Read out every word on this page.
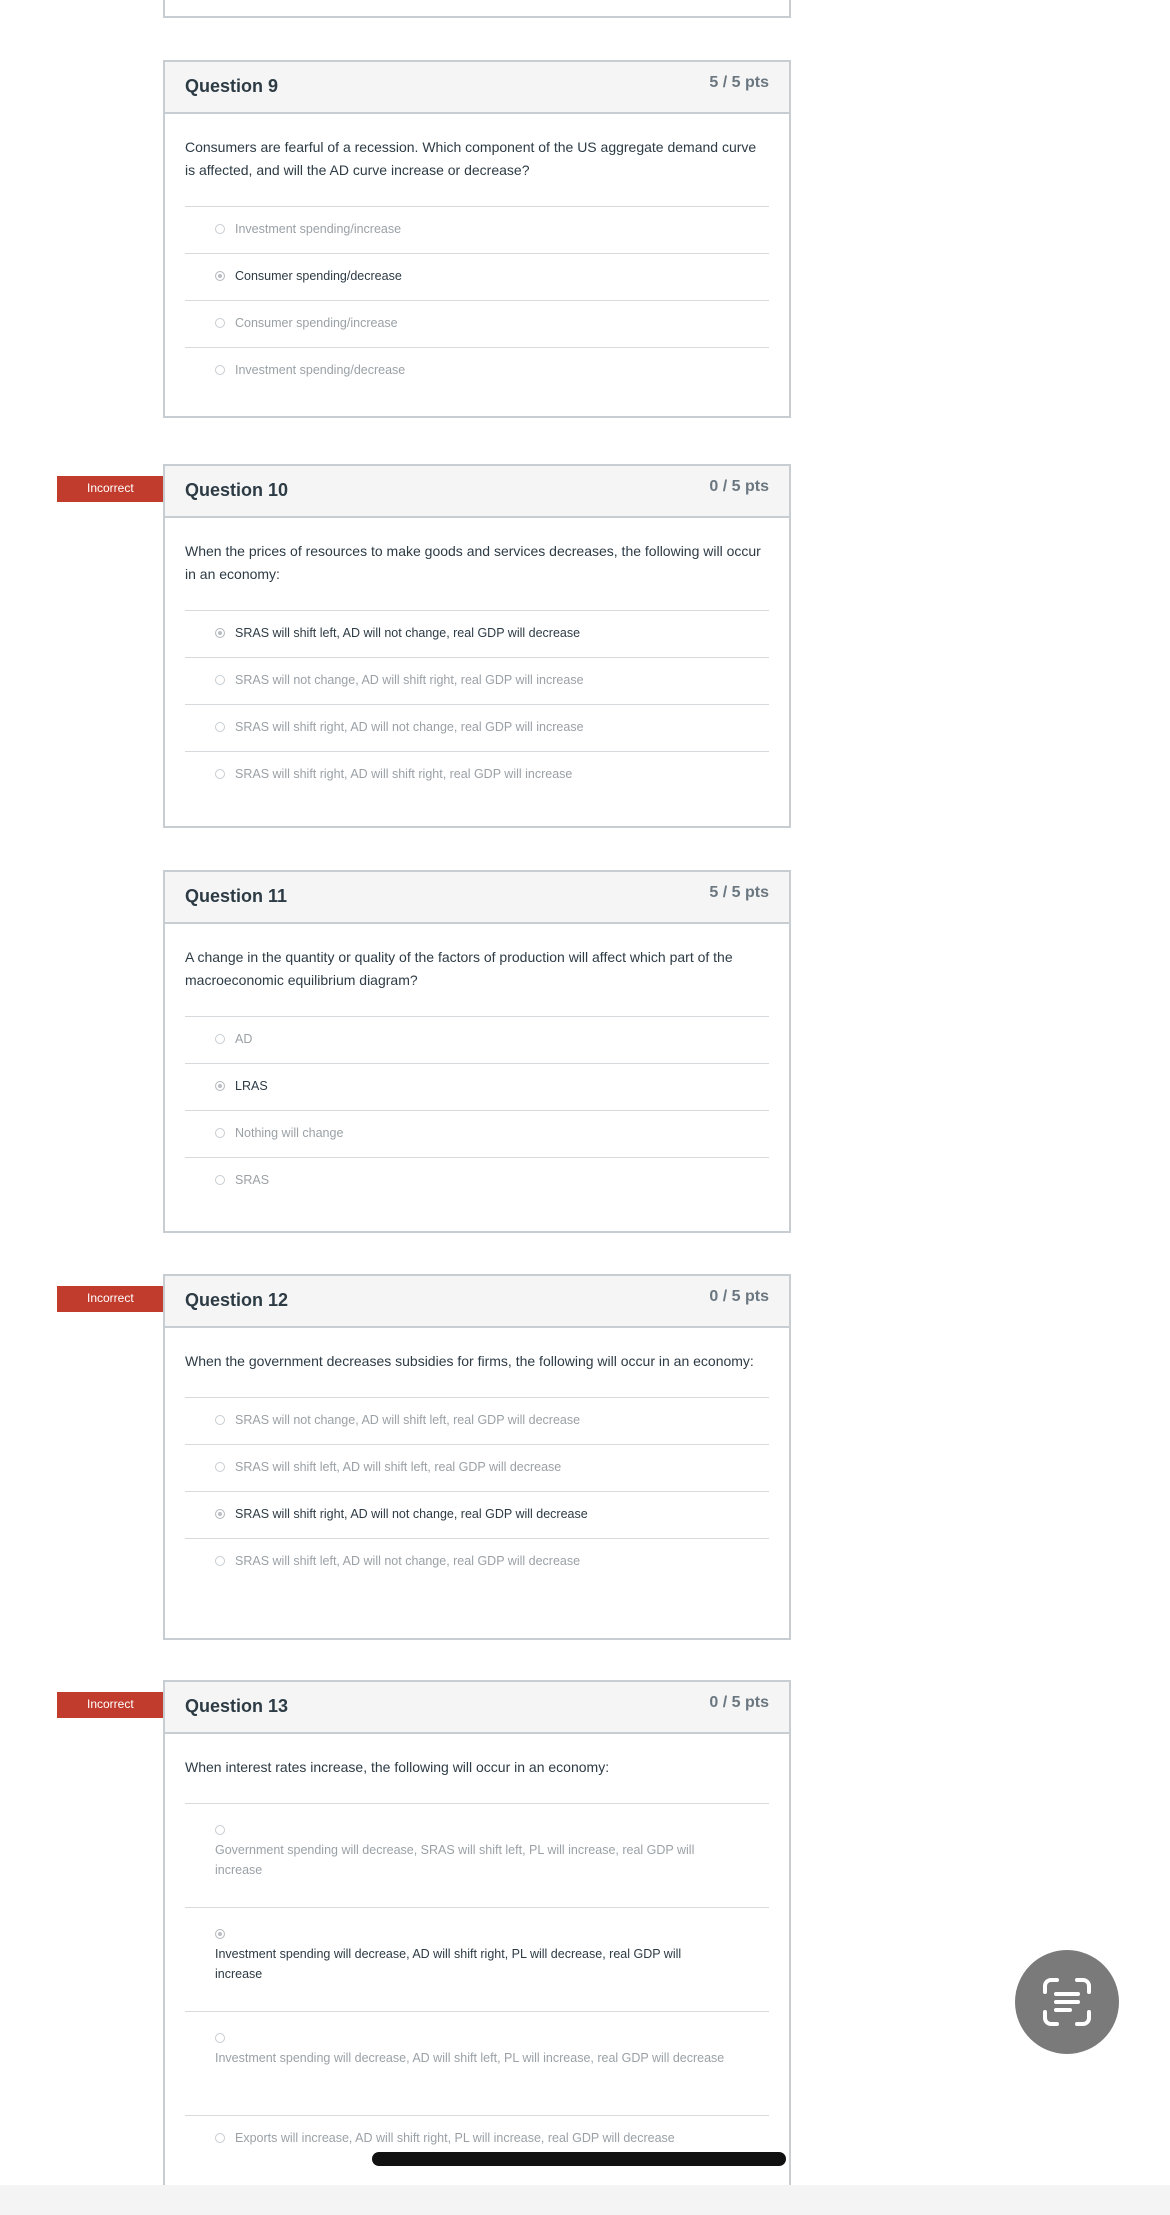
Question 9	5 / 5 pts

Consumers are fearful of a recession. Which component of the US aggregate demand curve is affected, and will the AD curve increase or decrease?

Investment spending/increase
Consumer spending/decrease
Consumer spending/increase
Investment spending/decrease
Incorrect	Question 10	0 / 5 pts

When the prices of resources to make goods and services decreases, the following will occur in an economy:

SRAS will shift left, AD will not change, real GDP will decrease
SRAS will not change, AD will shift right, real GDP will increase
SRAS will shift right, AD will not change, real GDP will increase
SRAS will shift right, AD will shift right, real GDP will increase
Question 11	5 / 5 pts

A change in the quantity or quality of the factors of production will affect which part of the macroeconomic equilibrium diagram?

AD
LRAS
Nothing will change
SRAS
Incorrect	Question 12	0 / 5 pts

When the government decreases subsidies for firms, the following will occur in an economy:

SRAS will not change, AD will shift left, real GDP will decrease
SRAS will shift left, AD will shift left, real GDP will decrease
SRAS will shift right, AD will not change, real GDP will decrease
SRAS will shift left, AD will not change, real GDP will decrease
Incorrect	Question 13	0 / 5 pts

When interest rates increase, the following will occur in an economy:

Government spending will decrease, SRAS will shift left, PL will increase, real GDP will increase
Investment spending will decrease, AD will shift right, PL will decrease, real GDP will increase
Investment spending will decrease, AD will shift left, PL will increase, real GDP will decrease
Exports will increase, AD will shift right, PL will increase, real GDP will decrease
